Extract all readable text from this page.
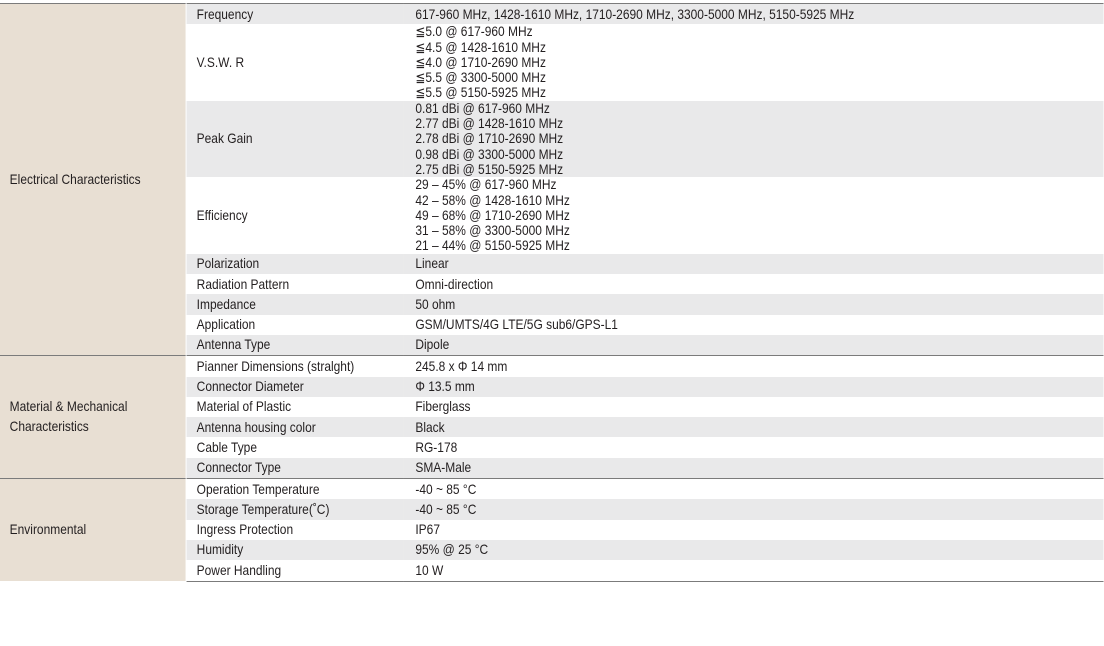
Electrical Characteristics	Frequency	617-960 MHz, 1428-1610 MHz, 1710-2690 MHz, 3300-5000 MHz, 5150-5925 MHz
	V.S.W. R	≦5.0 @ 617-960 MHz
≦4.5 @ 1428-1610 MHz
≦4.0 @ 1710-2690 MHz
≦5.5 @ 3300-5000 MHz
≦5.5 @ 5150-5925 MHz

	Peak Gain	0.81 dBi @ 617-960 MHz
2.77 dBi @ 1428-1610 MHz
2.78 dBi @ 1710-2690 MHz
0.98 dBi @ 3300-5000 MHz
2.75 dBi @ 5150-5925 MHz

	Efficiency	29 – 45% @ 617-960 MHz
42 – 58% @ 1428-1610 MHz
49 – 68% @ 1710-2690 MHz
31 – 58% @ 3300-5000 MHz
21 – 44% @ 5150-5925 MHz

	Polarization	Linear
	Radiation Pattern	Omni-direction
	Impedance	50 ohm
	Application	GSM/UMTS/4G LTE/5G sub6/GPS-L1
	Antenna Type	Dipole
Material & Mechanical Characteristics	Pianner Dimensions (stralght)	245.8 x Φ 14 mm
	Connector Diameter	Φ 13.5 mm
	Material of Plastic	Fiberglass
	Antenna housing color	Black
	Cable Type	RG-178
	Connector Type	SMA-Male
Environmental	Operation Temperature	-40 ~ 85 °C
	Storage Temperature(˚C)	-40 ~ 85 °C
	Ingress Protection	IP67
	Humidity	95% @ 25 °C
	Power Handling	10 W
